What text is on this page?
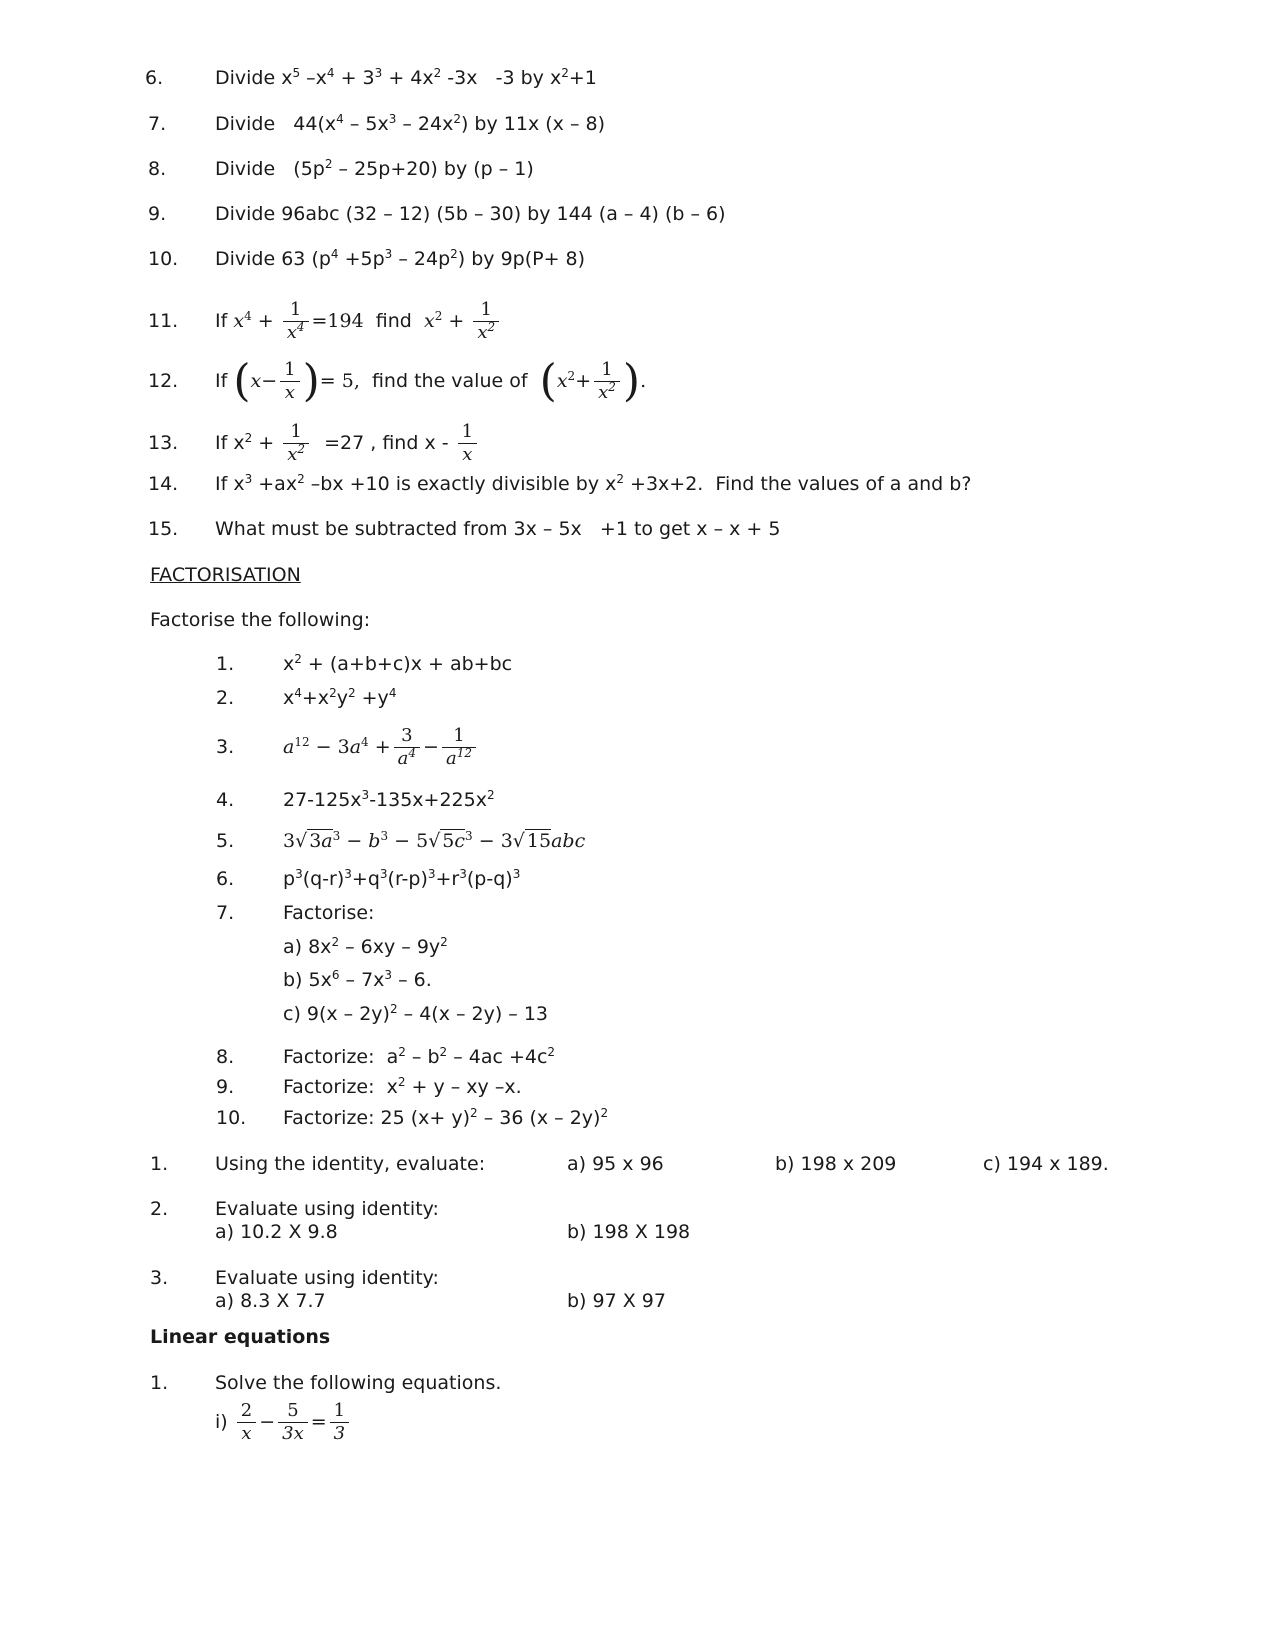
6.	Divide $x^5$ $-x^4 + 3^3 + 4x^2$ -3x   -3 by $x^2+1$
7.	Divide   $44(x^4 - 5x^3 - 24x^2)$ by 11x (x – 8)
8.	Divide   $(5p^2 - 25p+20)$ by (p – 1)
9.	Divide 96abc (32 – 12) (5b – 30) by 144 (a – 4) (b – 6)
10.	Divide 63 $(p^4 +5p^3 - 24p^2)$ by 9p(P+ 8)
11.	If $x^4 + \frac{1}{x^4} =194$ find $x^2 + \frac{1}{x^2}$
12.	If ($x- \frac{1}{x}$ )= 5, find the value of ($x^2+ \frac{1}{x^2}$ ).
13.	If $x^2 + \frac{1}{x^2} =27$ , find x - $\frac{1}{x}$
14.	If $x^3 +ax^2$ –bx +10 is exactly divisible by $x^2 +3x+2$.  Find the values of a and b?
15.	What must be subtracted from 3x – 5x   +1 to get x – x + 5
FACTORISATION
Factorise the following:
1.	$x^2 + (a+b+c)x + ab+bc$
2.	$x^4+x^2y^2 +y^4$
3.	$a^{12} - 3a^4 + \frac{3}{a^4} - \frac{1}{a^{12}}$
4.	$27-125x^3-135x+225x^2$
5.	3√ $3a^3 - b^3 - 5√$ $5c^3 - 3√$ 15abc
6.	$p^3(q-r)^3+q^3(r-p)^3+r^3(p-q)^3$
7.	Factorise:
a) $8x^2 - 6xy - 9y^2$
b) $5x^6 - 7x^3 - 6$.
c) 9(x – 2y)$^2$ – 4(x – 2y) – 13
8.	Factorize:  $a^2 - b^2 - 4ac +4c^2$
9.	Factorize:  $x^2 + y$ – xy –x.
10.	Factorize: 25 $(x+ y)^2 - 36$ (x – 2y)$^2$
1.	Using the identity, evaluate:	a) 95 x 96	b) 198 x 209	c) 194 x 189.
2.	Evaluate using identity:
a) 10.2 X 9.8	b) 198 X 198
3.	Evaluate using identity:
a) 8.3 X 7.7	b) 97 X 97
Linear equations
1.	Solve the following equations.
$i) \frac{2}{x} - \frac{5}{3x} = \frac{1}{3}$
